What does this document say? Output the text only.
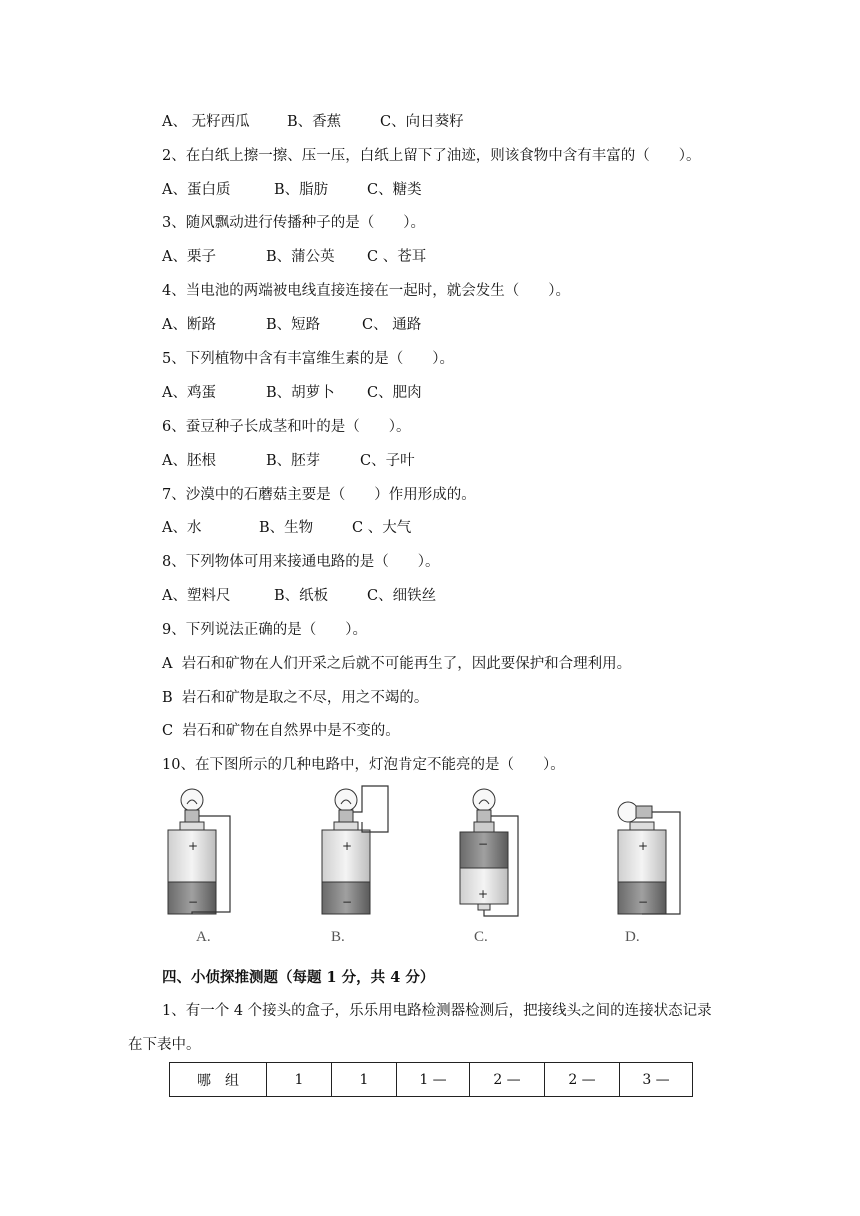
A、 无籽西瓜	B、香蕉	C、向日葵籽
2、在白纸上擦一擦、压一压，白纸上留下了油迹，则该食物中含有丰富的（　　）。
A、蛋白质	B、脂肪	C、糖类
3、随风飘动进行传播种子的是（　　）。
A、栗子	B、蒲公英 C 、苍耳
4、当电池的两端被电线直接连接在一起时，就会发生（　　）。
A、断路	B、短路	C、 通路
5、下列植物中含有丰富维生素的是（　　）。
A、鸡蛋	B、胡萝卜 C、肥肉
6、蚕豆种子长成茎和叶的是（　　）。
A、胚根	B、胚芽	C、子叶
7、沙漠中的石蘑菇主要是（　　）作用形成的。
A、水	B、生物	C 、大气
8、下列物体可用来接通电路的是（　　）。
A、塑料尺	B、纸板	C、细铁丝
9、下列说法正确的是（　　）。
A  岩石和矿物在人们开采之后就不可能再生了，因此要保护和合理利用。
B  岩石和矿物是取之不尽，用之不竭的。
C  岩石和矿物在自然界中是不变的。
10、在下图所示的几种电路中，灯泡肯定不能亮的是（　　）。
+
−
+
−
−
+
+
−
A.	B.	C.	D.
四、小侦探推测题（每题 1 分，共 4 分）
1、有一个 4 个接头的盒子，乐乐用电路检测器检测后，把接线头之间的连接状态记录
在下表中。
哪　组	1	1	1 —	2 —	2 —	3 —
